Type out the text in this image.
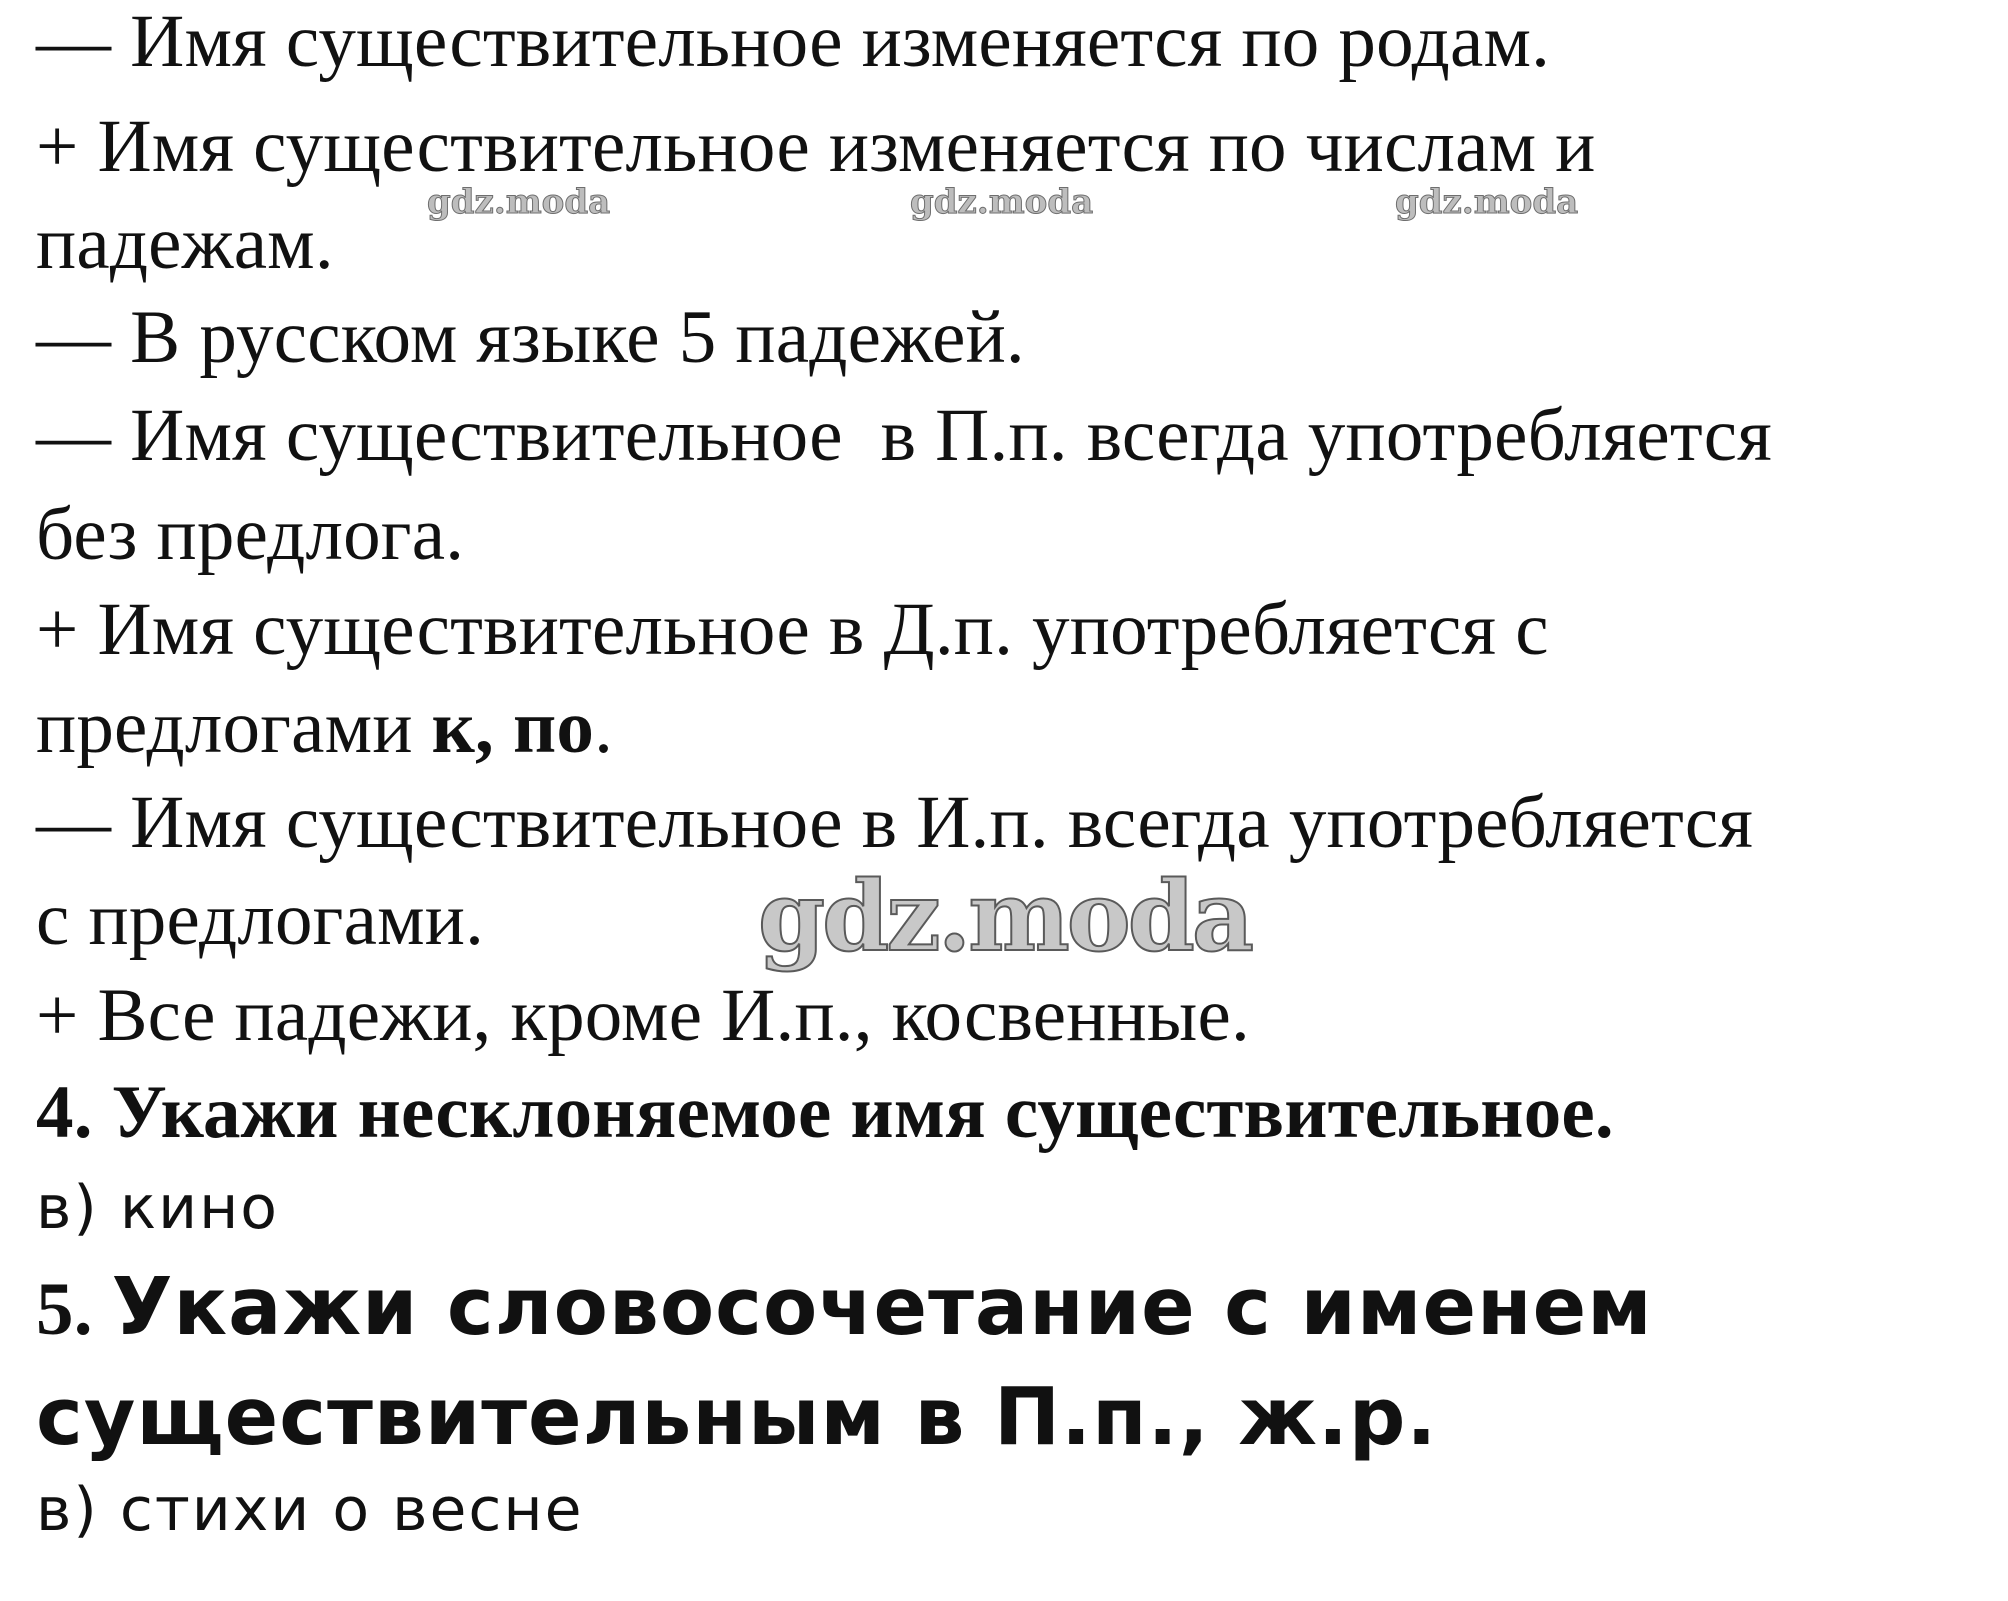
— Имя существительное изменяется по родам.
+ Имя существительное изменяется по числам и
падежам.
— В русском языке 5 падежей.
— Имя существительное  в П.п. всегда употребляется
без предлога.
+ Имя существительное в Д.п. употребляется с
предлогами к, по.
— Имя существительное в И.п. всегда употребляется
с предлогами.
+ Все падежи, кроме И.п., косвенные.
4. Укажи несклоняемое имя существительное.
в) кино
5. Укажи словосочетание с именем
существительным в П.п., ж.р.
в) стихи о весне
gdz.moda	gdz.moda	gdz.moda
gdz.moda
